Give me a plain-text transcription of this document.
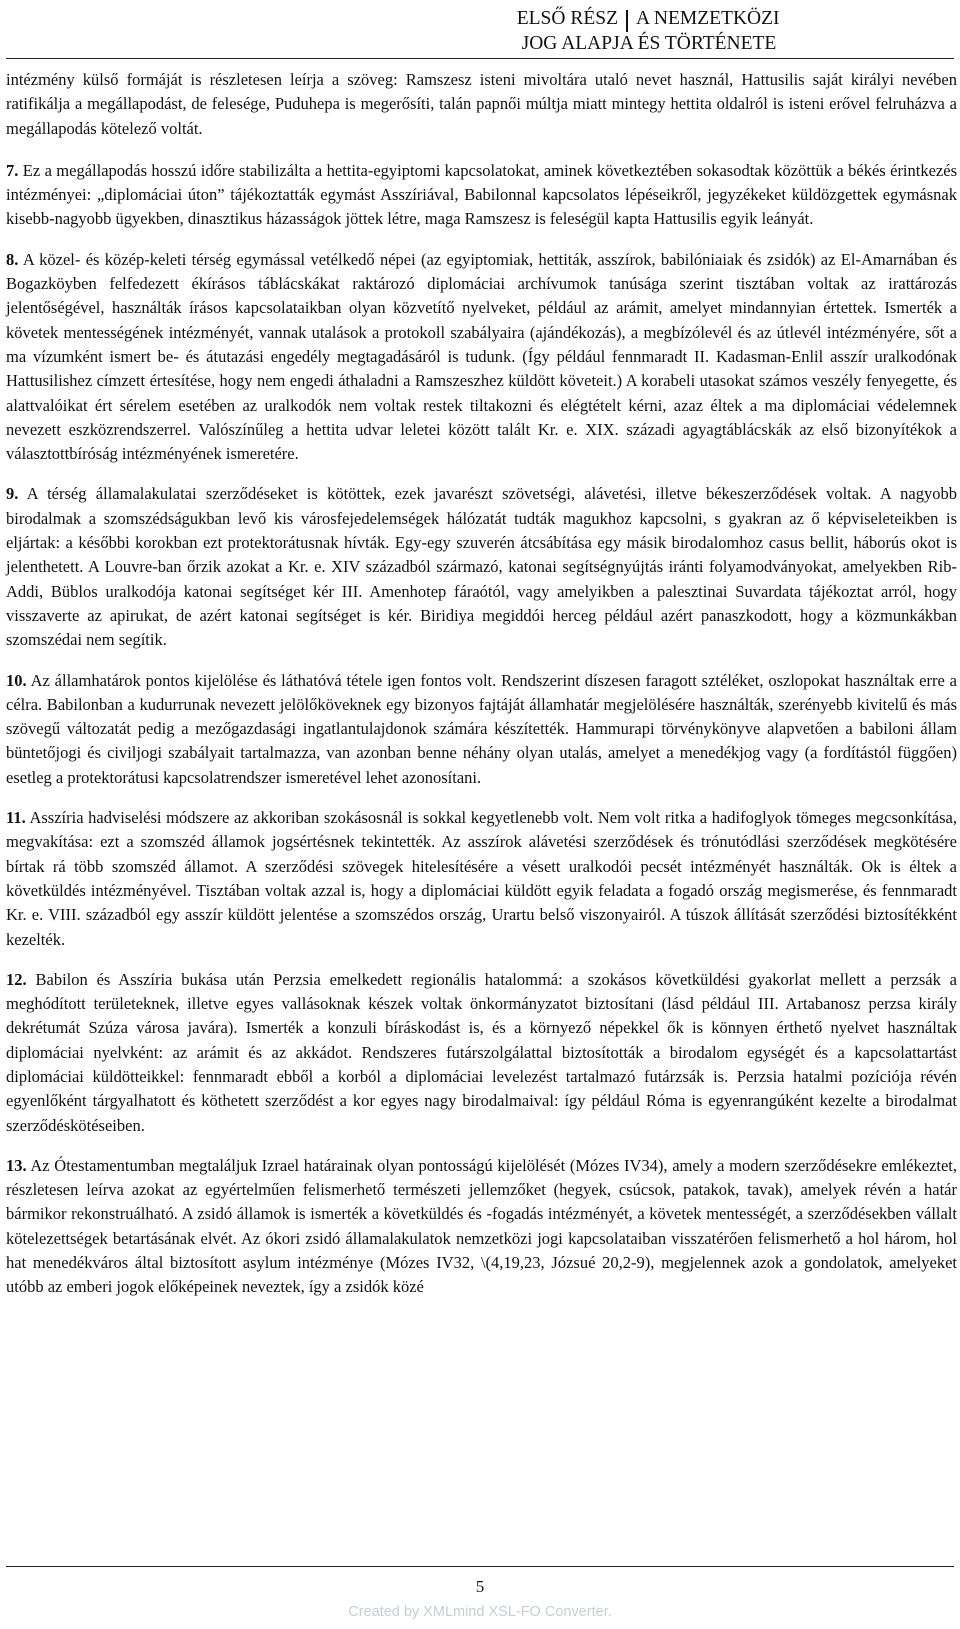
ELSŐ RÉSZ A NEMZETKÖZI
JOG ALAPJA ÉS TÖRTÉNETE

intézmény külső formáját is részletesen leírja a szöveg: Ramszesz isteni mivoltára utaló nevet használ, Hattusilis saját királyi nevében ratifikálja a megállapodást, de felesége, Puduhepa is megerősíti, talán papnői múltja miatt mintegy hettita oldalról is isteni erővel felruházva a megállapodás kötelező voltát.

7. Ez a megállapodás hosszú időre stabilizálta a hettita-egyiptomi kapcsolatokat, aminek következtében sokasodtak közöttük a békés érintkezés intézményei: „diplomáciai úton” tájékoztatták egymást Asszíriával, Babilonnal kapcsolatos lépéseikről, jegyzékeket küldözgettek egymásnak kisebb-nagyobb ügyekben, dinasztikus házasságok jöttek létre, maga Ramszesz is feleségül kapta Hattusilis egyik leányát.

8. A közel- és közép-keleti térség egymással vetélkedő népei (az egyiptomiak, hettiták, asszírok, babilóniaiak és zsidók) az El-Amarnában és Bogazköyben felfedezett ékírásos táblácskákat raktározó diplomáciai archívumok tanúsága szerint tisztában voltak az irattározás jelentőségével, használták írásos kapcsolataikban olyan közvetítő nyelveket, például az arámit, amelyet mindannyian értettek. Ismerték a követek mentességének intézményét, vannak utalások a protokoll szabályaira (ajándékozás), a megbízólevél és az útlevél intézményére, sőt a ma vízumként ismert be- és átutazási engedély megtagadásáról is tudunk. (Így például fennmaradt II. Kadasman-Enlil asszír uralkodónak Hattusilishez címzett értesítése, hogy nem engedi áthaladni a Ramszeszhez küldött követeit.) A korabeli utasokat számos veszély fenyegette, és alattvalóikat ért sérelem esetében az uralkodók nem voltak restek tiltakozni és elégtételt kérni, azaz éltek a ma diplomáciai védelemnek nevezett eszközrendszerrel. Valószínűleg a hettita udvar leletei között talált Kr. e. XIX. századi agyagtáblácskák az első bizonyítékok a választottbíróság intézményének ismeretére.

9. A térség államalakulatai szerződéseket is kötöttek, ezek javarészt szövetségi, alávetési, illetve békeszerződések voltak. A nagyobb birodalmak a szomszédságukban levő kis városfejedelemségek hálózatát tudták magukhoz kapcsolni, s gyakran az ő képviseleteikben is eljártak: a későbbi korokban ezt protektorátusnak hívták. Egy-egy szuverén átcsábítása egy másik birodalomhoz casus bellit, háborús okot is jelenthetett. A Louvre-ban őrzik azokat a Kr. e. XIV századból származó, katonai segítségnyújtás iránti folyamodványokat, amelyekben Rib-Addi, Büblos uralkodója katonai segítséget kér III. Amenhotep fáraótól, vagy amelyikben a palesztinai Suvardata tájékoztat arról, hogy visszaverte az apirukat, de azért katonai segítséget is kér. Biridiya megiddói herceg például azért panaszkodott, hogy a közmunkákban szomszédai nem segítik.

10. Az államhatárok pontos kijelölése és láthatóvá tétele igen fontos volt. Rendszerint díszesen faragott sztéléket, oszlopokat használtak erre a célra. Babilonban a kudurrunak nevezett jelölőköveknek egy bizonyos fajtáját államhatár megjelölésére használták, szerényebb kivitelű és más szövegű változatát pedig a mezőgazdasági ingatlantulajdonok számára készítették. Hammurapi törvénykönyve alapvetően a babiloni állam büntetőjogi és civiljogi szabályait tartalmazza, van azonban benne néhány olyan utalás, amelyet a menedékjog vagy (a fordítástól függően) esetleg a protektorátusi kapcsolatrendszer ismeretével lehet azonosítani.

11. Asszíria hadviselési módszere az akkoriban szokásosnál is sokkal kegyetlenebb volt. Nem volt ritka a hadifoglyok tömeges megcsonkítása, megvakítása: ezt a szomszéd államok jogsértésnek tekintették. Az asszírok alávetési szerződések és trónutódlási szerződések megkötésére bírtak rá több szomszéd államot. A szerződési szövegek hitelesítésére a vésett uralkodói pecsét intézményét használták. Ok is éltek a követküldés intézményével. Tisztában voltak azzal is, hogy a diplomáciai küldött egyik feladata a fogadó ország megismerése, és fennmaradt Kr. e. VIII. századból egy asszír küldött jelentése a szomszédos ország, Urartu belső viszonyairól. A túszok állítását szerződési biztosítékként kezelték.

12. Babilon és Asszíria bukása után Perzsia emelkedett regionális hatalommá: a szokásos követküldési gyakorlat mellett a perzsák a meghódított területeknek, illetve egyes vallásoknak készek voltak önkormányzatot biztosítani (lásd például III. Artabanosz perzsa király dekrétumát Szúza városa javára). Ismerték a konzuli bíráskodást is, és a környező népekkel ők is könnyen érthető nyelvet használtak diplomáciai nyelvként: az arámit és az akkádot. Rendszeres futárszolgálattal biztosították a birodalom egységét és a kapcsolattartást diplomáciai küldötteikkel: fennmaradt ebből a korból a diplomáciai levelezést tartalmazó futárzsák is. Perzsia hatalmi pozíciója révén egyenlőként tárgyalhatott és köthetett szerződést a kor egyes nagy birodalmaival: így például Róma is egyenrangúként kezelte a birodalmat szerződéskötéseiben.

13. Az Ótestamentumban megtaláljuk Izrael határainak olyan pontosságú kijelölését (Mózes IV34), amely a modern szerződésekre emlékeztet, részletesen leírva azokat az egyértelműen felismerhető természeti jellemzőket (hegyek, csúcsok, patakok, tavak), amelyek révén a határ bármikor rekonstruálható. A zsidó államok is ismerték a követküldés és -fogadás intézményét, a követek mentességét, a szerződésekben vállalt kötelezettségek betartásának elvét. Az ókori zsidó államalakulatok nemzetközi jogi kapcsolataiban visszatérően felismerhető a hol három, hol hat menedékváros által biztosított asylum intézménye (Mózes IV32, \(4,19,23, Józsué 20,2-9), megjelennek azok a gondolatok, amelyeket utóbb az emberi jogok előképeinek neveztek, így a zsidók közé

5
Created by XMLmind XSL-FO Converter.
